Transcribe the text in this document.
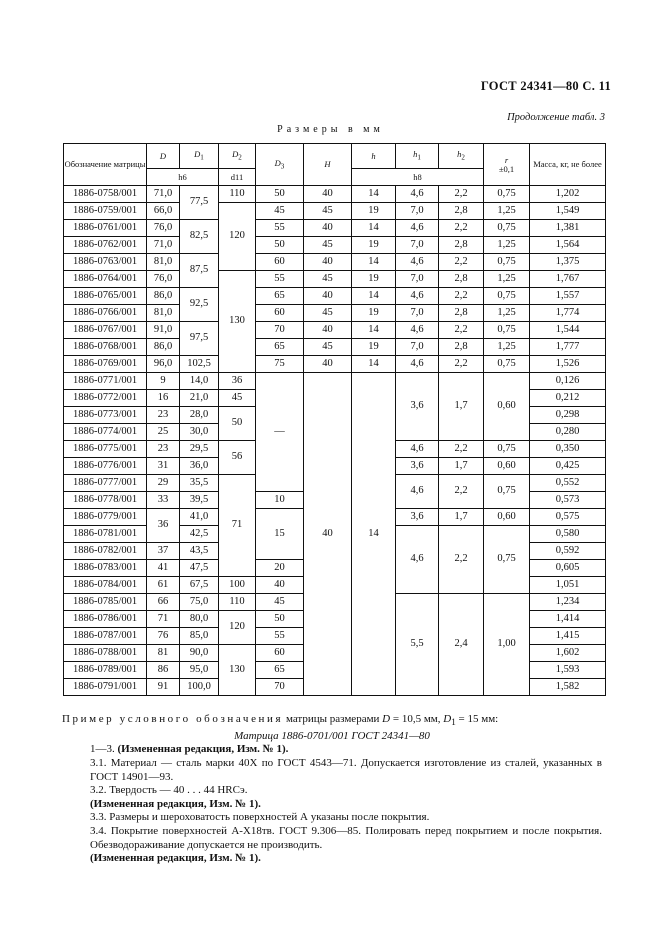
ГОСТ 24341—80 С. 11
Продолжение табл. 3
Размеры в мм
Обозначение матрицы	D	$D_1$	$D_2$	$D_3$	H	h	$h_1$	$h_2$	r
±0,1	Масса, кг, не более
	h6		d11			h8				
1886-0758/001	71,0	77,5	110	50	40	14	4,6	2,2	0,75	1,202
1886-0759/001	66,0		120	45	45	19	7,0	2,8	1,25	1,549
1886-0761/001	76,0	82,5		55	40	14	4,6	2,2	0,75	1,381
1886-0762/001	71,0			50	45	19	7,0	2,8	1,25	1,564
1886-0763/001	81,0	87,5		60	40	14	4,6	2,2	0,75	1,375
1886-0764/001	76,0		130	55	45	19	7,0	2,8	1,25	1,767
1886-0765/001	86,0	92,5		65	40	14	4,6	2,2	0,75	1,557
1886-0766/001	81,0			60	45	19	7,0	2,8	1,25	1,774
1886-0767/001	91,0	97,5		70	40	14	4,6	2,2	0,75	1,544
1886-0768/001	86,0			65	45	19	7,0	2,8	1,25	1,777
1886-0769/001	96,0	102,5		75	40	14	4,6	2,2	0,75	1,526
1886-0771/001	9	14,0	36	—	40	14	3,6	1,7	0,60	0,126
1886-0772/001	16	21,0	45							0,212
1886-0773/001	23	28,0	50							0,298
1886-0774/001	25	30,0								0,280
1886-0775/001	23	29,5	56				4,6	2,2	0,75	0,350
1886-0776/001	31	36,0					3,6	1,7	0,60	0,425
1886-0777/001	29	35,5	71				4,6	2,2	0,75	0,552
1886-0778/001	33	39,5		10						0,573
1886-0779/001	36	41,0		15			3,6	1,7	0,60	0,575
1886-0781/001		42,5					4,6	2,2	0,75	0,580
1886-0782/001	37	43,5								0,592
1886-0783/001	41	47,5		20						0,605
1886-0784/001	61	67,5	100	40						1,051
1886-0785/001	66	75,0	110	45			5,5	2,4	1,00	1,234
1886-0786/001	71	80,0	120	50						1,414
1886-0787/001	76	85,0		55						1,415
1886-0788/001	81	90,0	130	60						1,602
1886-0789/001	86	95,0		65						1,593
1886-0791/001	91	100,0		70						1,582

Пример условного обозначения матрицы размерами D = 10,5 мм, $D_1 = 15$ мм:

Матрица 1886-0701/001 ГОСТ 24341—80

1—3. (Измененная редакция, Изм. № 1).

3.1. Материал — сталь марки 40Х по ГОСТ 4543—71. Допускается изготовление из сталей, указанных в ГОСТ 14901—93.

3.2. Твердость — 40 . . . 44 HRCэ.

(Измененная редакция, Изм. № 1).

3.3. Размеры и шероховатость поверхностей А указаны после покрытия.

3.4. Покрытие поверхностей А-Х18тв. ГОСТ 9.306—85. Полировать перед покрытием и после покрытия. Обезводораживание допускается не производить.

(Измененная редакция, Изм. № 1).
